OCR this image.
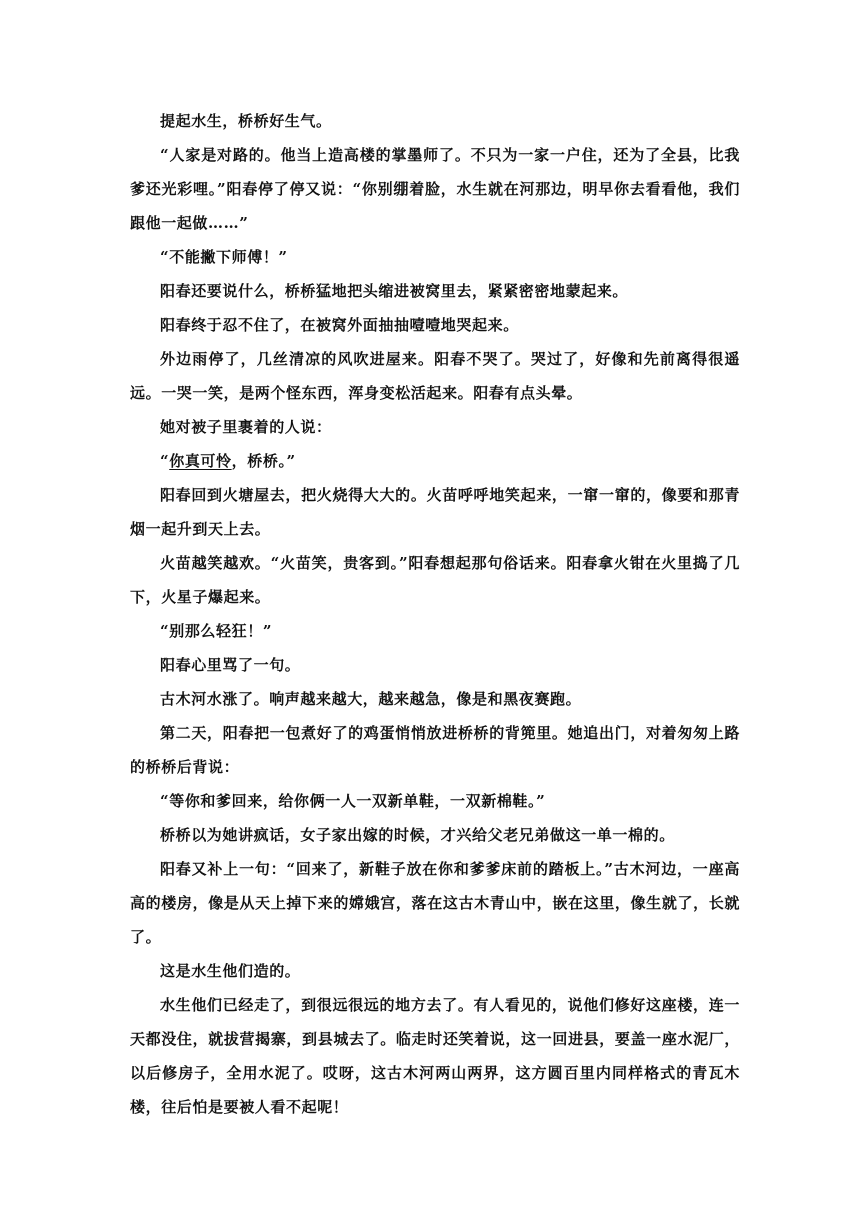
提起水生，桥桥好生气。

“人家是对路的。他当上造高楼的掌墨师了。不只为一家一户住，还为了全县，比我爹还光彩哩。”阳春停了停又说：“你别绷着脸，水生就在河那边，明早你去看看他，我们跟他一起做……”

“不能撇下师傅！”

阳春还要说什么，桥桥猛地把头缩进被窝里去，紧紧密密地蒙起来。

阳春终于忍不住了，在被窝外面抽抽噎噎地哭起来。

外边雨停了，几丝清凉的风吹进屋来。阳春不哭了。哭过了，好像和先前离得很遥远。一哭一笑，是两个怪东西，浑身变松活起来。阳春有点头晕。

她对被子里裹着的人说：

“你真可怜，桥桥。”

阳春回到火塘屋去，把火烧得大大的。火苗呼呼地笑起来，一窜一窜的，像要和那青烟一起升到天上去。

火苗越笑越欢。“火苗笑，贵客到。”阳春想起那句俗话来。阳春拿火钳在火里捣了几下，火星子爆起来。

“别那么轻狂！”

阳春心里骂了一句。

古木河水涨了。响声越来越大，越来越急，像是和黑夜赛跑。

第二天，阳春把一包煮好了的鸡蛋悄悄放进桥桥的背篼里。她追出门，对着匆匆上路的桥桥后背说：

“等你和爹回来，给你俩一人一双新单鞋，一双新棉鞋。”

桥桥以为她讲疯话，女子家出嫁的时候，才兴给父老兄弟做这一单一棉的。

阳春又补上一句：“回来了，新鞋子放在你和爹爹床前的踏板上。”古木河边，一座高高的楼房，像是从天上掉下来的嫦娥宫，落在这古木青山中，嵌在这里，像生就了，长就了。

这是水生他们造的。

水生他们已经走了，到很远很远的地方去了。有人看见的，说他们修好这座楼，连一天都没住，就拔营揭寨，到县城去了。临走时还笑着说，这一回进县，要盖一座水泥厂，以后修房子，全用水泥了。哎呀，这古木河两山两界，这方圆百里内同样格式的青瓦木楼，往后怕是要被人看不起呢！
